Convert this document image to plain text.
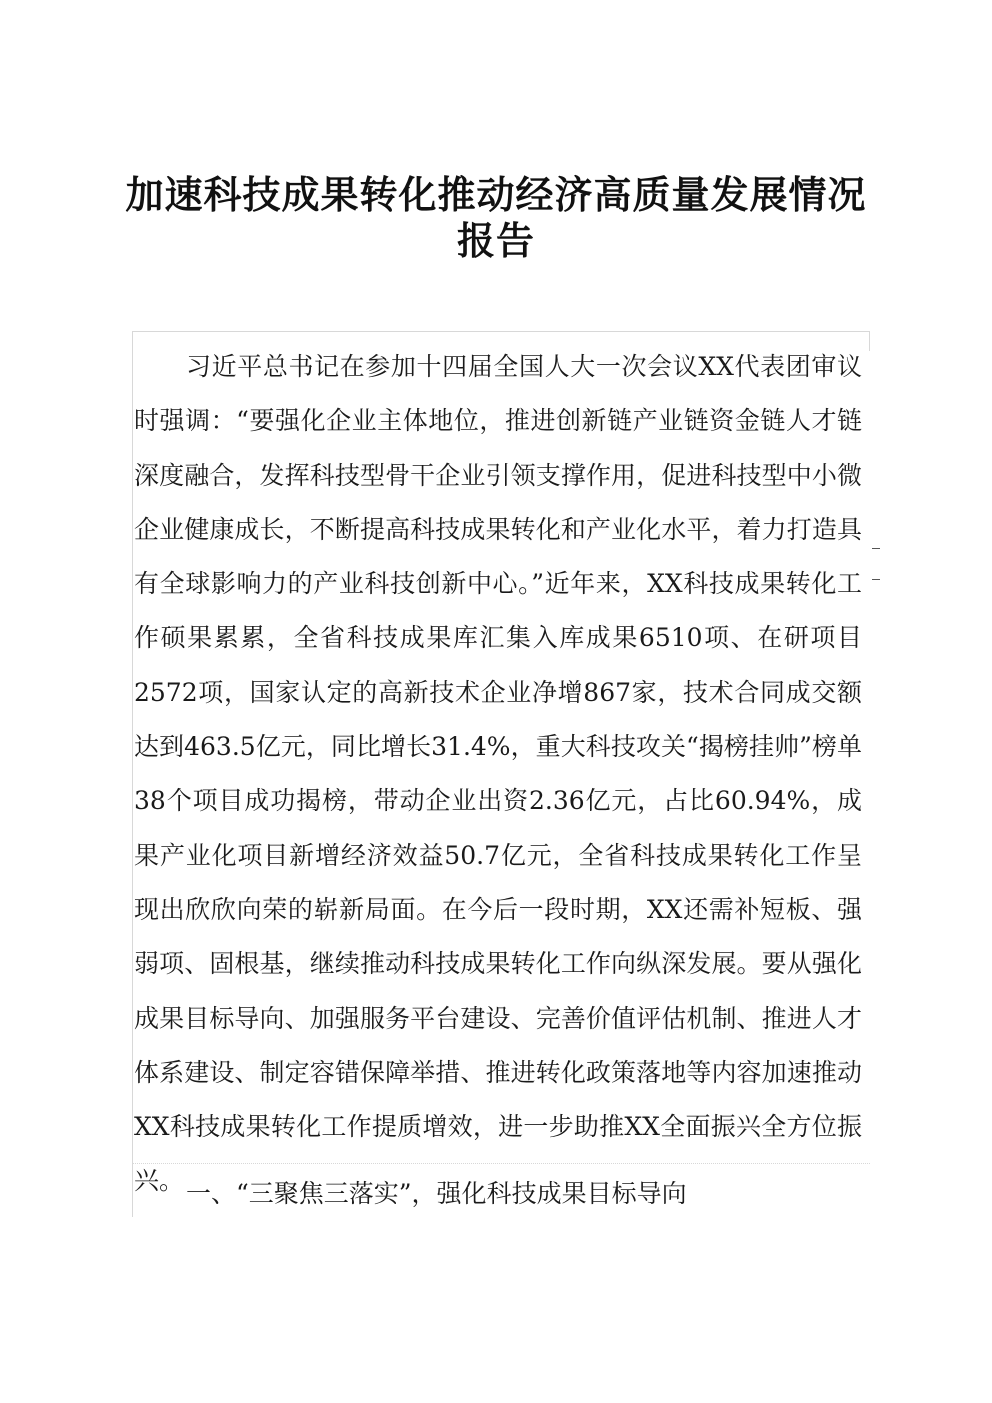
加速科技成果转化推动经济高质量发展情况报告

习近平总书记在参加十四届全国人大一次会议XX代表团审议时强调：“要强化企业主体地位，推进创新链产业链资金链人才链深度融合，发挥科技型骨干企业引领支撑作用，促进科技型中小微企业健康成长，不断提高科技成果转化和产业化水平，着力打造具有全球影响力的产业科技创新中心。”近年来，XX科技成果转化工作硕果累累，全省科技成果库汇集入库成果6510项、在研项目2572项，国家认定的高新技术企业净增867家，技术合同成交额达到463.5亿元，同比增长31.4%，重大科技攻关“揭榜挂帅”榜单38个项目成功揭榜，带动企业出资2.36亿元，占比60.94%，成果产业化项目新增经济效益50.7亿元，全省科技成果转化工作呈现出欣欣向荣的崭新局面。在今后一段时期，XX还需补短板、强弱项、固根基，继续推动科技成果转化工作向纵深发展。要从强化成果目标导向、加强服务平台建设、完善价值评估机制、推进人才体系建设、制定容错保障举措、推进转化政策落地等内容加速推动XX科技成果转化工作提质增效，进一步助推XX全面振兴全方位振兴。 一、“三聚焦三落实”，强化科技成果目标导向
